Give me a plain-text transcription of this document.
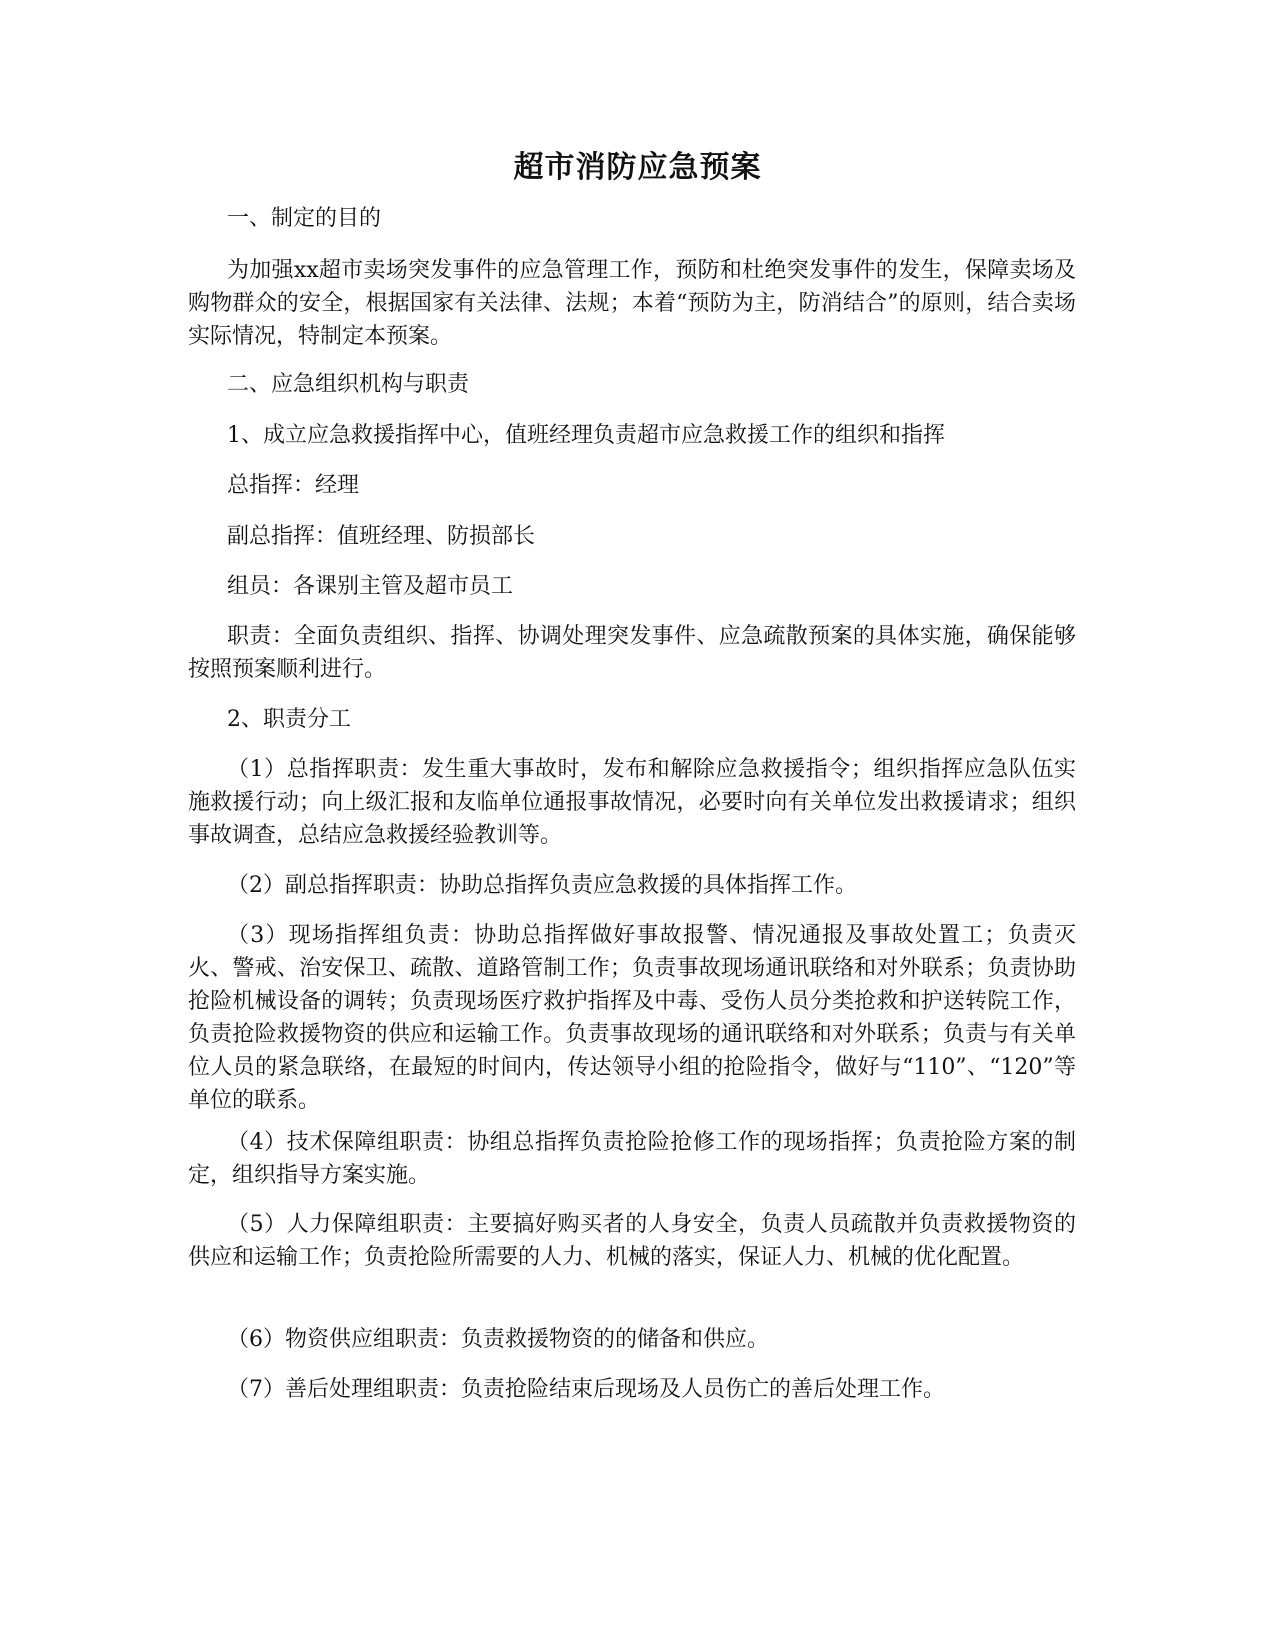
超市消防应急预案

一、制定的目的

为加强xx超市卖场突发事件的应急管理工作，预防和杜绝突发事件的发生，保障卖场及购物群众的安全，根据国家有关法律、法规；本着“预防为主，防消结合”的原则，结合卖场实际情况，特制定本预案。

二、应急组织机构与职责

1、成立应急救援指挥中心，值班经理负责超市应急救援工作的组织和指挥

总指挥：经理

副总指挥：值班经理、防损部长

组员：各课别主管及超市员工

职责：全面负责组织、指挥、协调处理突发事件、应急疏散预案的具体实施，确保能够按照预案顺利进行。

2、职责分工

（1）总指挥职责：发生重大事故时，发布和解除应急救援指令；组织指挥应急队伍实施救援行动；向上级汇报和友临单位通报事故情况，必要时向有关单位发出救援请求；组织事故调查，总结应急救援经验教训等。

（2）副总指挥职责：协助总指挥负责应急救援的具体指挥工作。

（3）现场指挥组负责：协助总指挥做好事故报警、情况通报及事故处置工；负责灭火、警戒、治安保卫、疏散、道路管制工作；负责事故现场通讯联络和对外联系；负责协助抢险机械设备的调转；负责现场医疗救护指挥及中毒、受伤人员分类抢救和护送转院工作，负责抢险救援物资的供应和运输工作。负责事故现场的通讯联络和对外联系；负责与有关单位人员的紧急联络，在最短的时间内，传达领导小组的抢险指令，做好与“110”、“120”等单位的联系。

（4）技术保障组职责：协组总指挥负责抢险抢修工作的现场指挥；负责抢险方案的制定，组织指导方案实施。

（5）人力保障组职责：主要搞好购买者的人身安全，负责人员疏散并负责救援物资的供应和运输工作；负责抢险所需要的人力、机械的落实，保证人力、机械的优化配置。

（6）物资供应组职责：负责救援物资的的储备和供应。

（7）善后处理组职责：负责抢险结束后现场及人员伤亡的善后处理工作。
